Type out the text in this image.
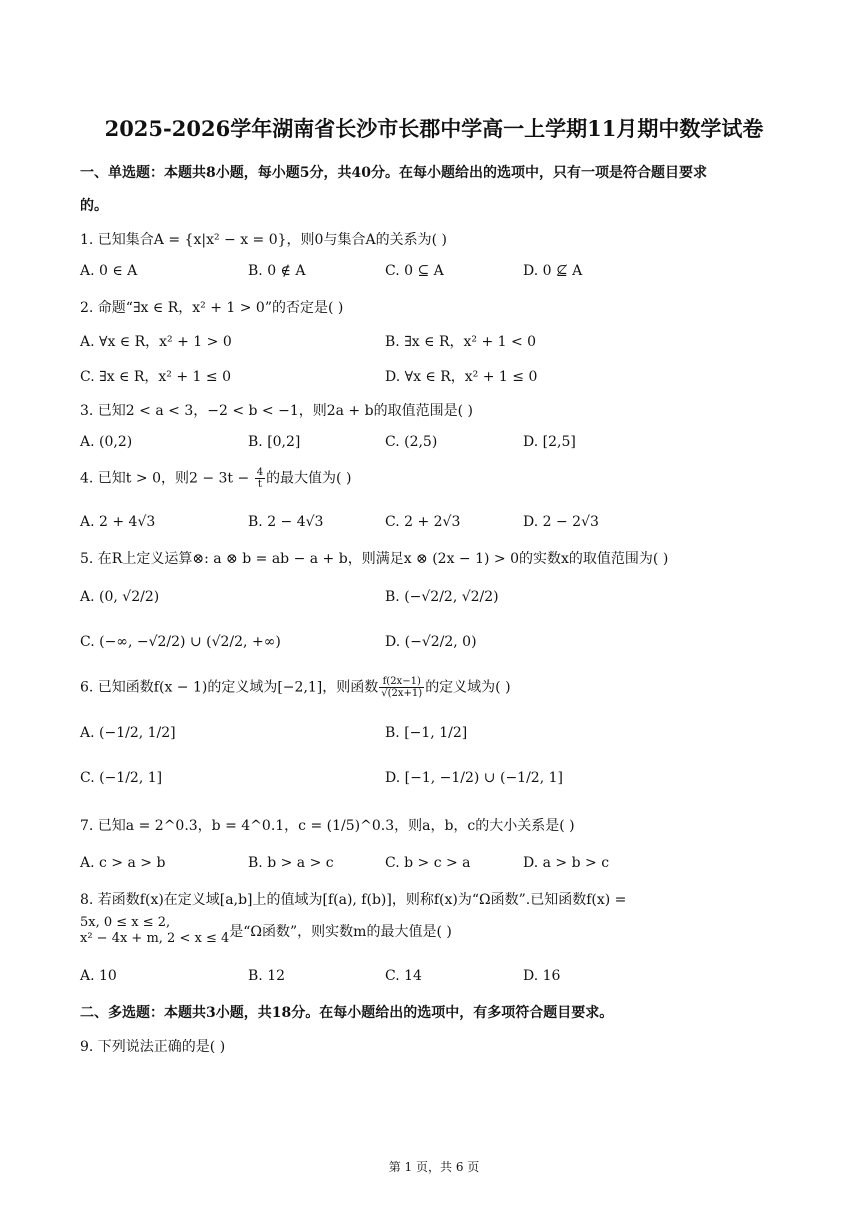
2025-2026学年湖南省长沙市长郡中学高一上学期11月期中数学试卷
一、单选题：本题共8小题，每小题5分，共40分。在每小题给出的选项中，只有一项是符合题目要求
的。
1. 已知集合A = {x|x² − x = 0}，则0与集合A的关系为( )
A. 0 ∈ A	B. 0 ∉ A	C. 0 ⊆ A	D. 0 ⊈ A
2. 命题“∃x ∈ R，x² + 1 > 0”的否定是( )
A. ∀x ∈ R，x² + 1 > 0	B. ∃x ∈ R，x² + 1 < 0
C. ∃x ∈ R，x² + 1 ≤ 0	D. ∀x ∈ R，x² + 1 ≤ 0
3. 已知2 < a < 3，−2 < b < −1，则2a + b的取值范围是( )
A. (0,2)	B. [0,2]	C. (2,5)	D. [2,5]
4. 已知t > 0，则$2 - 3t - \frac{4}{t}$ 的最大值为( )
A. 2 + 4√3	B. 2 − 4√3	C. 2 + 2√3	D. 2 − 2√3
5. 在R上定义运算⊗: a ⊗ b = ab − a + b，则满足x ⊗ (2x − 1) > 0的实数x的取值范围为( )
A. (0, √2/2)	B. (−√2/2, √2/2)
C. (−∞, −√2/2) ∪ (√2/2, +∞)	D. (−√2/2, 0)
6. 已知函数f(x − 1)的定义域为[−2,1]，则函数 $\frac{f(2x-1)}{√(2x+1)}$ 的定义域为( )
A. (−1/2, 1/2]	B. [−1, 1/2]
C. (−1/2, 1]	D. [−1, −1/2) ∪ (−1/2, 1]
7. 已知a = 2^0.3，b = 4^0.1，c = (1/5)^0.3，则a，b，c的大小关系是( )
A. c > a > b	B. b > a > c	C. b > c > a	D. a > b > c
8. 若函数f(x)在定义域[a,b]上的值域为[f(a), f(b)]，则称f(x)为“Ω函数”.已知函数f(x) =
5x, 0 ≤ x ≤ 2,
x² − 4x + m, 2 < x ≤ 4 是“Ω函数”，则实数m的最大值是( )
A. 10	B. 12	C. 14	D. 16
二、多选题：本题共3小题，共18分。在每小题给出的选项中，有多项符合题目要求。
9. 下列说法正确的是( )
第 1 页，共 6 页
